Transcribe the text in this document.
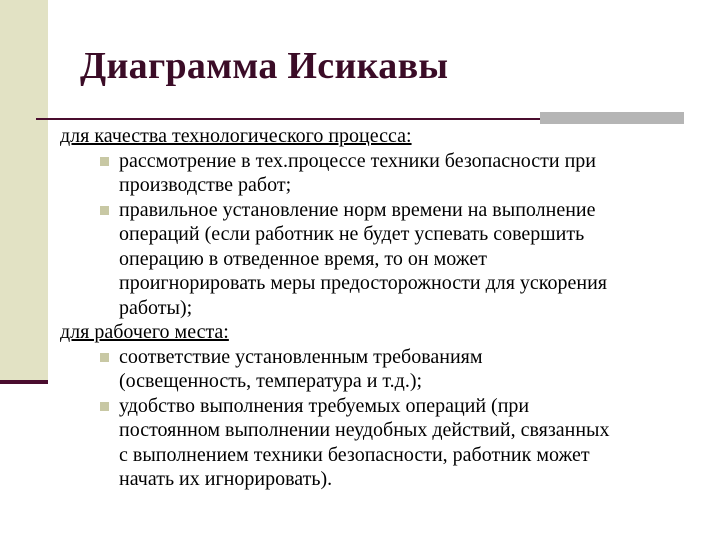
Диаграмма Исикавы

для качества технологического процесса:

рассмотрение в тех.процессе техники безопасности при
производстве работ;
правильное установление норм времени на выполнение
операций (если работник не будет успевать совершить
операцию в отведенное время, то он может
проигнорировать меры предосторожности для ускорения
работы);

для рабочего места:

соответствие установленным требованиям
(освещенность, температура и т.д.);
удобство выполнения требуемых операций (при
постоянном выполнении неудобных действий, связанных
с выполнением техники безопасности, работник может
начать их игнорировать).
